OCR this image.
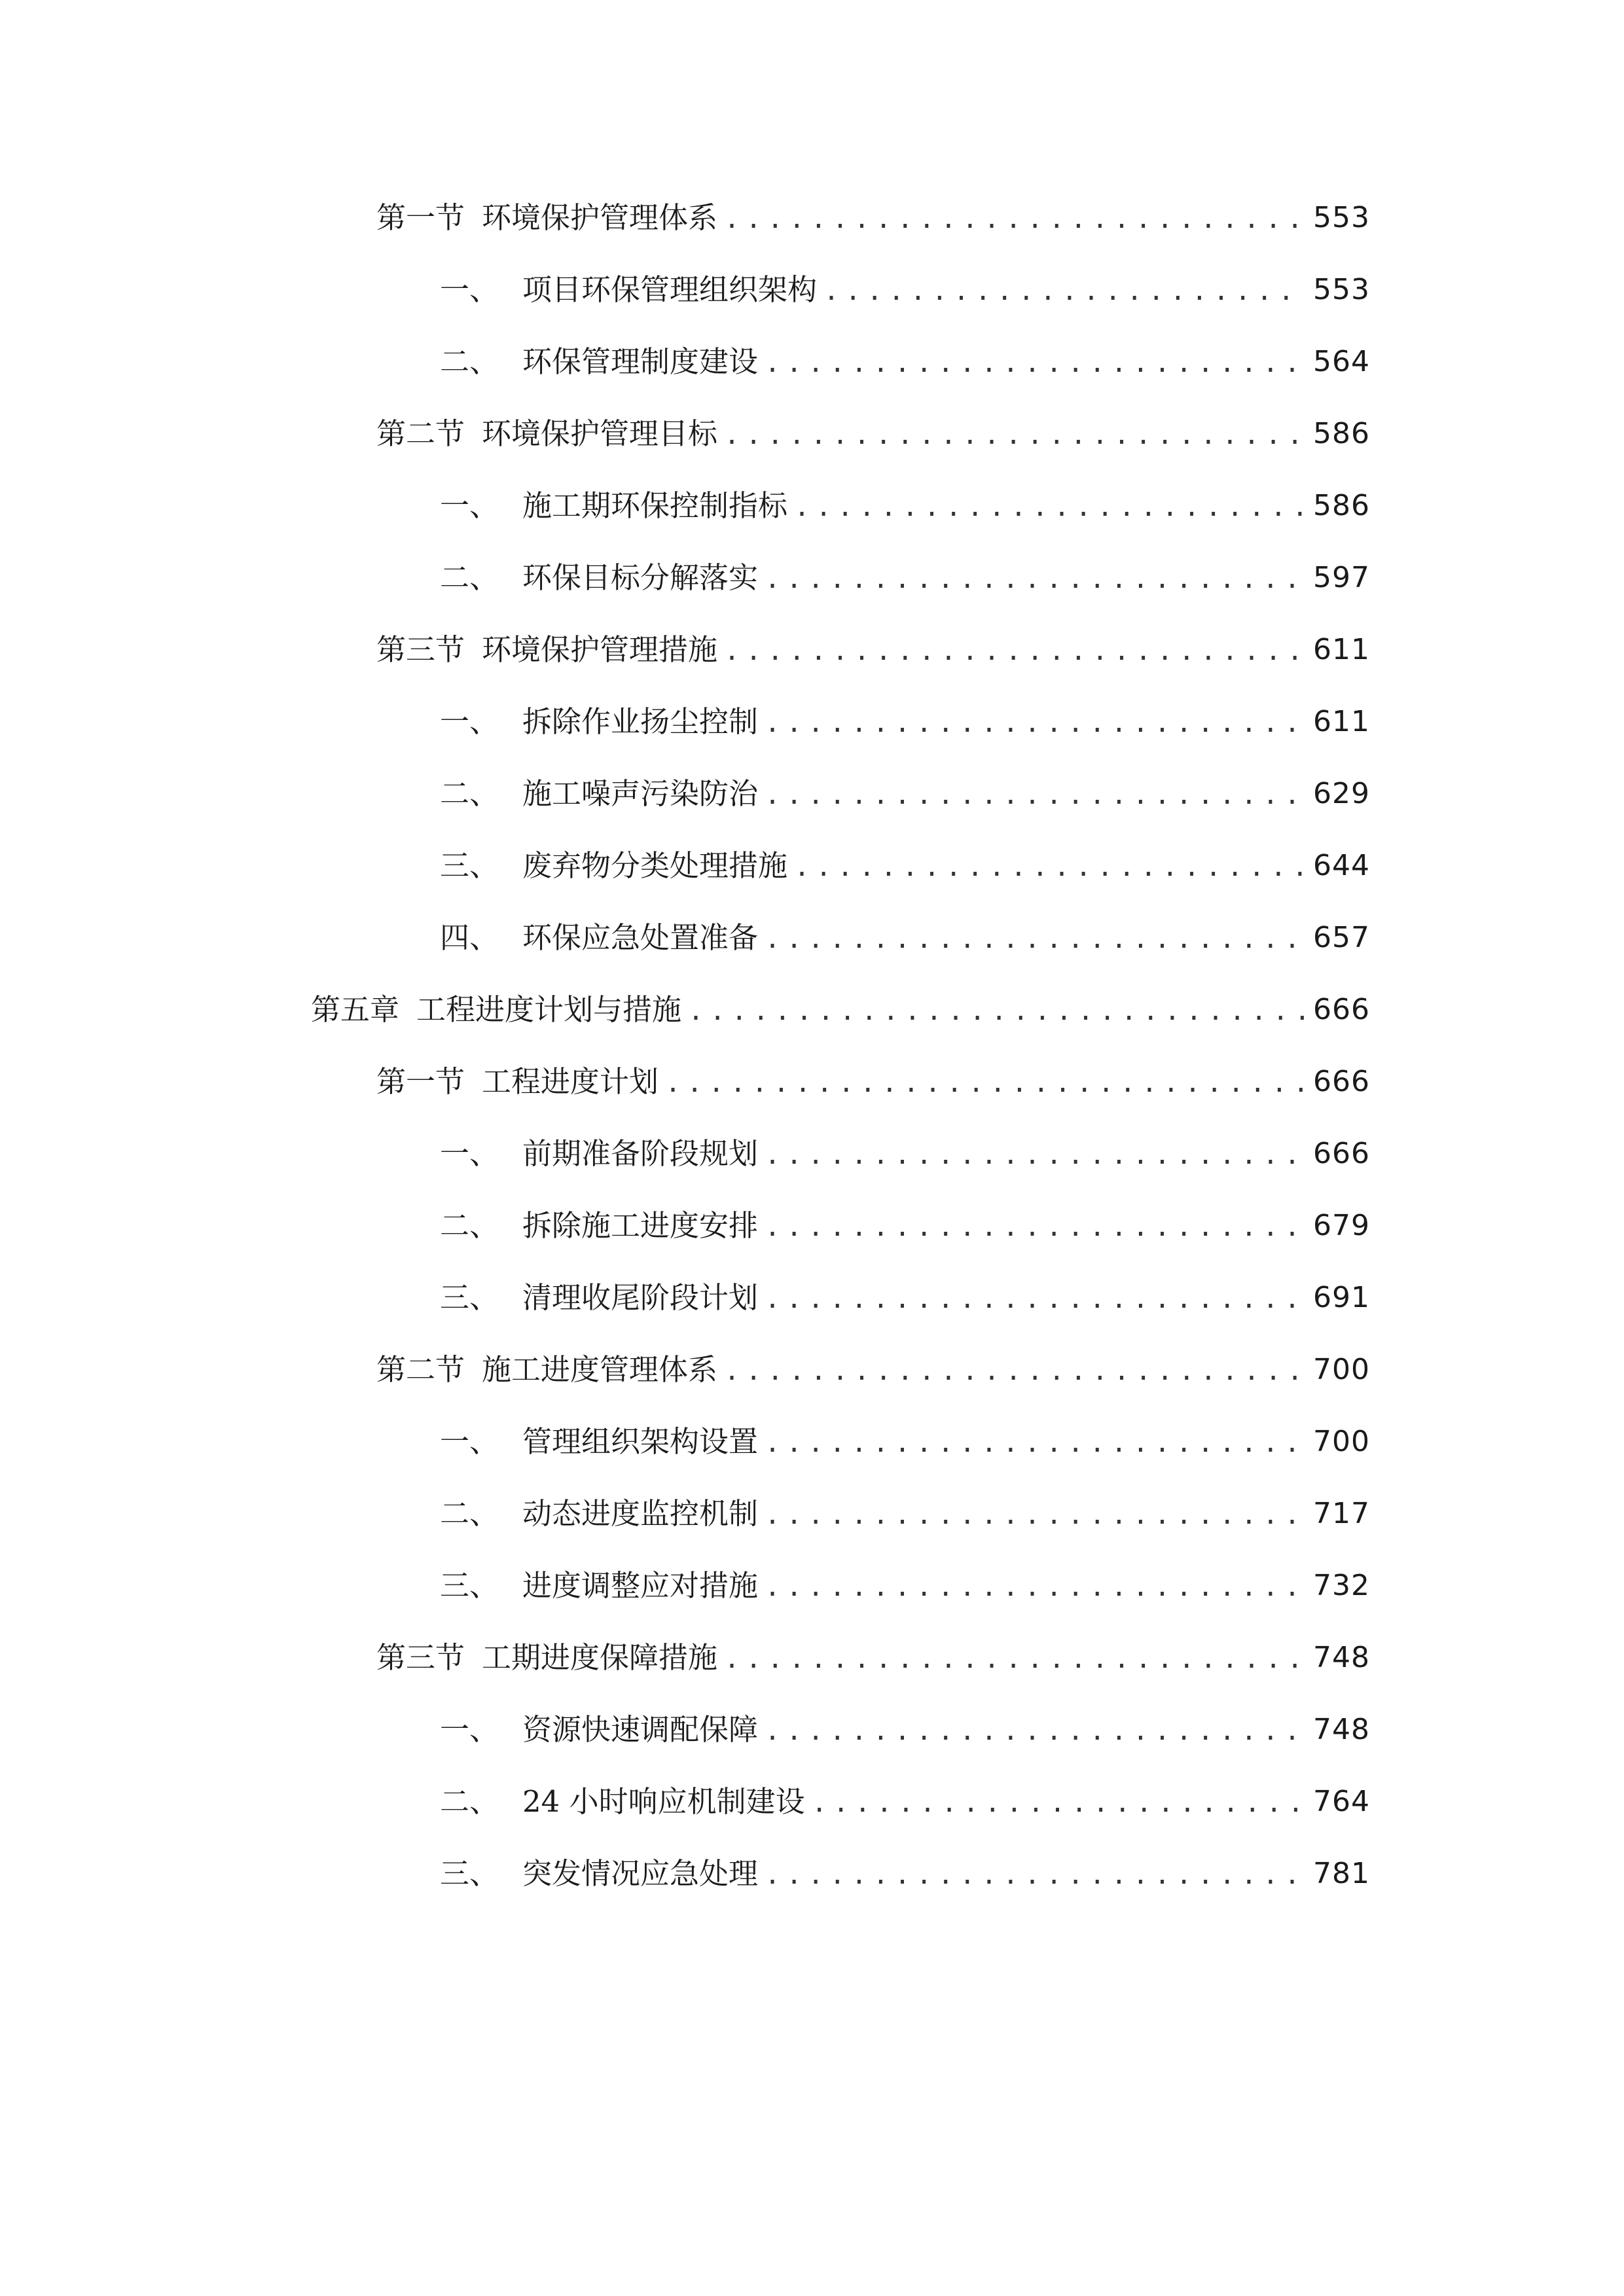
第一节 环境保护管理体系 .....	553
一、 项目环保管理组织架构 .....	553
二、 环保管理制度建设 .....	564
第二节 环境保护管理目标 .....	586
一、 施工期环保控制指标 .....	586
二、 环保目标分解落实 .....	597
第三节 环境保护管理措施 .....	611
一、 拆除作业扬尘控制 .....	611
二、 施工噪声污染防治 .....	629
三、 废弃物分类处理措施 .....	644
四、 环保应急处置准备 .....	657
第五章 工程进度计划与措施 .....	666
第一节 工程进度计划 .....	666
一、 前期准备阶段规划 .....	666
二、 拆除施工进度安排 .....	679
三、 清理收尾阶段计划 .....	691
第二节 施工进度管理体系 .....	700
一、 管理组织架构设置 .....	700
二、 动态进度监控机制 .....	717
三、 进度调整应对措施 .....	732
第三节 工期进度保障措施 .....	748
一、 资源快速调配保障 .....	748
二、 24 小时响应机制建设 .....	764
三、 突发情况应急处理 .....	781
